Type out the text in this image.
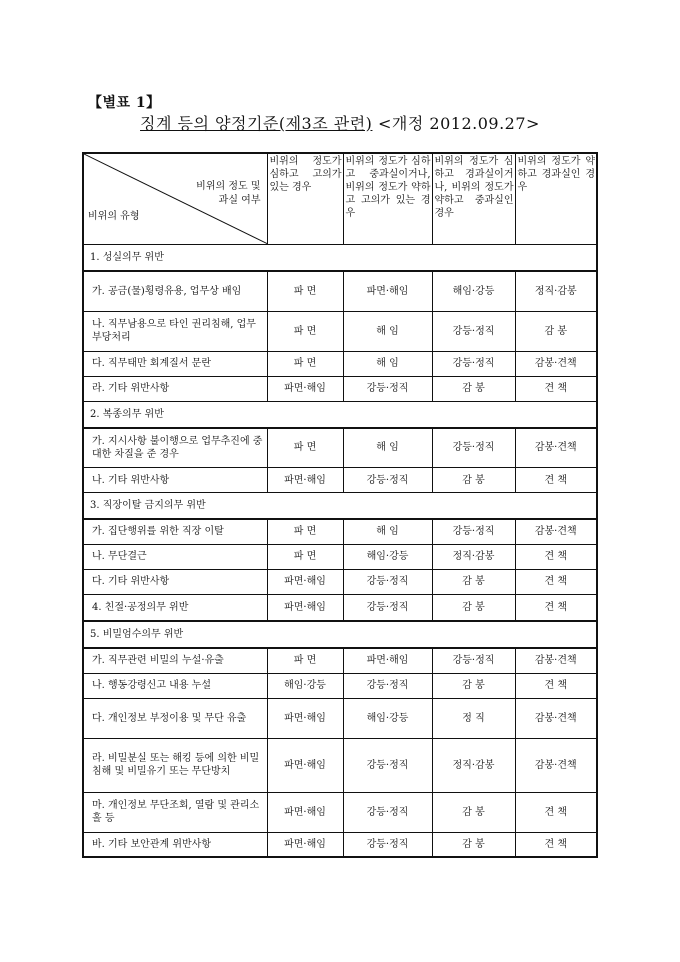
【별표 1】
징계 등의 양정기준(제3조 관련) <개정 2012.09.27>
비위의 정도 및
과실 여부
비위의 유형	비위의 정도가 심하고 고의가 있는 경우	비위의 정도가 심하고 중과실이거나, 비위의 정도가 약하고 고의가 있는 경우	비위의 정도가 심하고 경과실이거나, 비위의 정도가 약하고 중과실인 경우	비위의 정도가 약하고 경과실인 경우
1. 성실의무 위반				
가. 공금(물)횡령유용, 업무상 배임	파 면	파면·해임	해임·강등	정직·감봉
나. 직무남용으로 타인 권리침해, 업무부당처리	파 면	해 임	강등·정직	감 봉
다. 직무태만 회계질서 문란	파 면	해 임	강등·정직	감봉·견책
라. 기타 위반사항	파면·해임	강등·정직	감 봉	견 책
2. 복종의무 위반				
가. 지시사항 불이행으로 업무추진에 중대한 차질을 준 경우	파 면	해 임	강등·정직	감봉·견책
나. 기타 위반사항	파면·해임	강등·정직	감 봉	견 책
3. 직장이탈 금지의무 위반				
가. 집단행위를 위한 직장 이탈	파 면	해 임	강등·정직	감봉·견책
나. 무단결근	파 면	해임·강등	정직·감봉	견 책
다. 기타 위반사항	파면·해임	강등·정직	감 봉	견 책
4. 친절·공정의무 위반	파면·해임	강등·정직	감 봉	견 책
5. 비밀엄수의무 위반				
가. 직무관련 비밀의 누설·유출	파 면	파면·해임	강등·정직	감봉·견책
나. 행동강령신고 내용 누설	해임·강등	강등·정직	감 봉	견 책
다. 개인정보 부정이용 및 무단 유출	파면·해임	해임·강등	정 직	감봉·견책
라. 비밀분실 또는 해킹 등에 의한 비밀침해 및 비밀유기 또는 무단방치	파면·해임	강등·정직	정직·감봉	감봉·견책
마. 개인정보 무단조회, 열람 및 관리소홀 등	파면·해임	강등·정직	감 봉	견 책
바. 기타 보안관계 위반사항	파면·해임	강등·정직	감 봉	견 책
